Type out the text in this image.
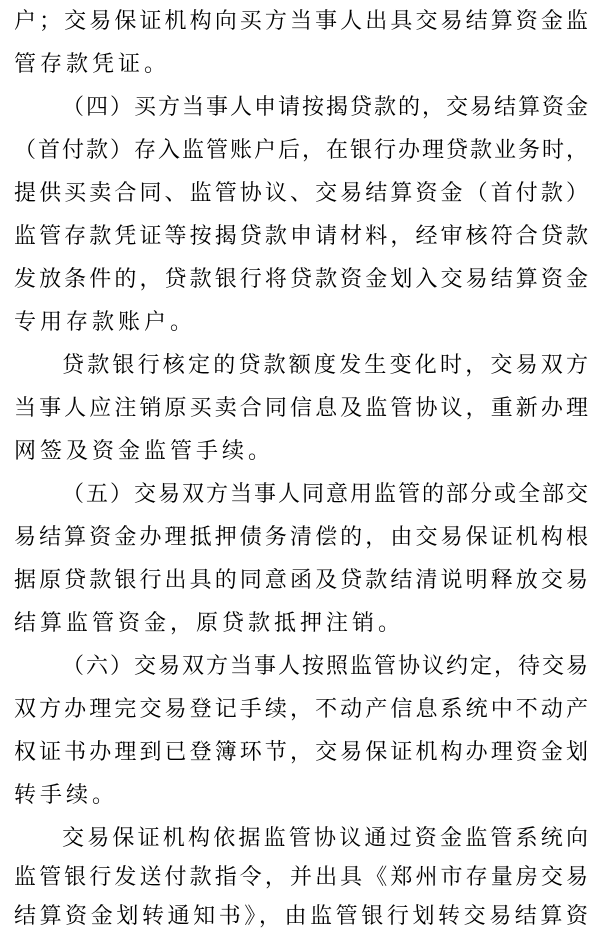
户；交易保证机构向买方当事人出具交易结算资金监
管存款凭证。
（四）买方当事人申请按揭贷款的，交易结算资金
（首付款）存入监管账户后，在银行办理贷款业务时，
提供买卖合同、监管协议、交易结算资金（首付款）
监管存款凭证等按揭贷款申请材料，经审核符合贷款
发放条件的，贷款银行将贷款资金划入交易结算资金
专用存款账户。
贷款银行核定的贷款额度发生变化时，交易双方
当事人应注销原买卖合同信息及监管协议，重新办理
网签及资金监管手续。
（五）交易双方当事人同意用监管的部分或全部交
易结算资金办理抵押债务清偿的，由交易保证机构根
据原贷款银行出具的同意函及贷款结清说明释放交易
结算监管资金，原贷款抵押注销。
（六）交易双方当事人按照监管协议约定，待交易
双方办理完交易登记手续，不动产信息系统中不动产
权证书办理到已登簿环节，交易保证机构办理资金划
转手续。
交易保证机构依据监管协议通过资金监管系统向
监管银行发送付款指令，并出具《郑州市存量房交易
结算资金划转通知书》，由监管银行划转交易结算资
